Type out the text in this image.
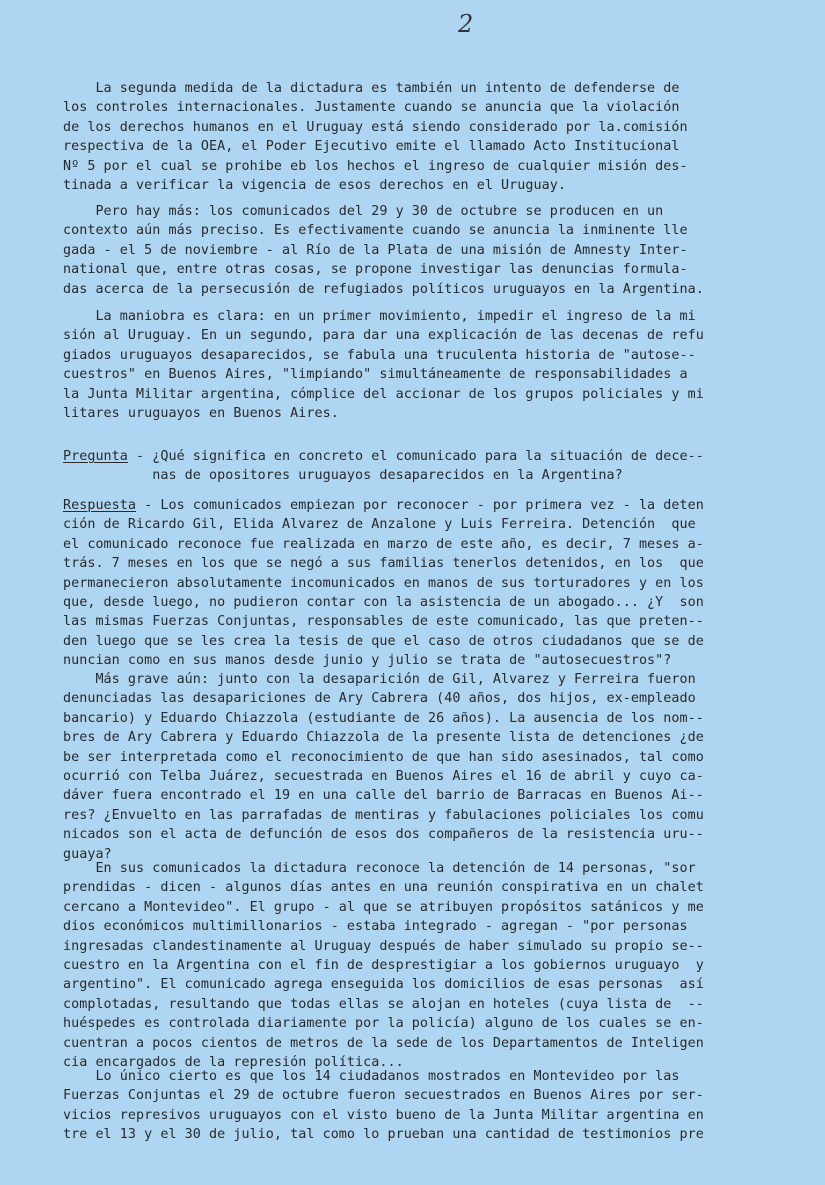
2
La segunda medida de la dictadura es también un intento de defenderse de
los controles internacionales. Justamente cuando se anuncia que la violación
de los derechos humanos en el Uruguay está siendo considerado por la.comisión
respectiva de la OEA, el Poder Ejecutivo emite el llamado Acto Institucional
Nº 5 por el cual se prohibe eb los hechos el ingreso de cualquier misión des-
tinada a verificar la vigencia de esos derechos en el Uruguay.
Pero hay más: los comunicados del 29 y 30 de octubre se producen en un
contexto aún más preciso. Es efectivamente cuando se anuncia la inminente lle
gada - el 5 de noviembre - al Río de la Plata de una misión de Amnesty Inter-
national que, entre otras cosas, se propone investigar las denuncias formula-
das acerca de la persecusión de refugiados políticos uruguayos en la Argentina.
La maniobra es clara: en un primer movimiento, impedir el ingreso de la mi
sión al Uruguay. En un segundo, para dar una explicación de las decenas de refu
giados uruguayos desaparecidos, se fabula una truculenta historia de "autose--
cuestros" en Buenos Aires, "limpiando" simultáneamente de responsabilidades a
la Junta Militar argentina, cómplice del accionar de los grupos policiales y mi
litares uruguayos en Buenos Aires.
Pregunta - ¿Qué significa en concreto el comunicado para la situación de dece--
nas de opositores uruguayos desaparecidos en la Argentina?
Respuesta - Los comunicados empiezan por reconocer - por primera vez - la deten
ción de Ricardo Gil, Elida Alvarez de Anzalone y Luis Ferreira. Detención  que
el comunicado reconoce fue realizada en marzo de este año, es decir, 7 meses a-
trás. 7 meses en los que se negó a sus familias tenerlos detenidos, en los  que
permanecieron absolutamente incomunicados en manos de sus torturadores y en los
que, desde luego, no pudieron contar con la asistencia de un abogado... ¿Y  son
las mismas Fuerzas Conjuntas, responsables de este comunicado, las que preten--
den luego que se les crea la tesis de que el caso de otros ciudadanos que se de
nuncian como en sus manos desde junio y julio se trata de "autosecuestros"?
Más grave aún: junto con la desaparición de Gil, Alvarez y Ferreira fueron
denunciadas las desapariciones de Ary Cabrera (40 años, dos hijos, ex-empleado
bancario) y Eduardo Chiazzola (estudiante de 26 años). La ausencia de los nom--
bres de Ary Cabrera y Eduardo Chiazzola de la presente lista de detenciones ¿de
be ser interpretada como el reconocimiento de que han sido asesinados, tal como
ocurrió con Telba Juárez, secuestrada en Buenos Aires el 16 de abril y cuyo ca-
dáver fuera encontrado el 19 en una calle del barrio de Barracas en Buenos Ai--
res? ¿Envuelto en las parrafadas de mentiras y fabulaciones policiales los comu
nicados son el acta de defunción de esos dos compañeros de la resistencia uru--
guaya?
En sus comunicados la dictadura reconoce la detención de 14 personas, "sor
prendidas - dicen - algunos días antes en una reunión conspirativa en un chalet
cercano a Montevideo". El grupo - al que se atribuyen propósitos satánicos y me
dios económicos multimillonarios - estaba integrado - agregan - "por personas
ingresadas clandestinamente al Uruguay después de haber simulado su propio se--
cuestro en la Argentina con el fin de desprestigiar a los gobiernos uruguayo  y
argentino". El comunicado agrega enseguida los domicilios de esas personas  así
complotadas, resultando que todas ellas se alojan en hoteles (cuya lista de  --
huéspedes es controlada diariamente por la policía) alguno de los cuales se en-
cuentran a pocos cientos de metros de la sede de los Departamentos de Inteligen
cia encargados de la represión política...
Lo único cierto es que los 14 ciudadanos mostrados en Montevideo por las
Fuerzas Conjuntas el 29 de octubre fueron secuestrados en Buenos Aires por ser-
vicios represivos uruguayos con el visto bueno de la Junta Militar argentina en
tre el 13 y el 30 de julio, tal como lo prueban una cantidad de testimonios pre
